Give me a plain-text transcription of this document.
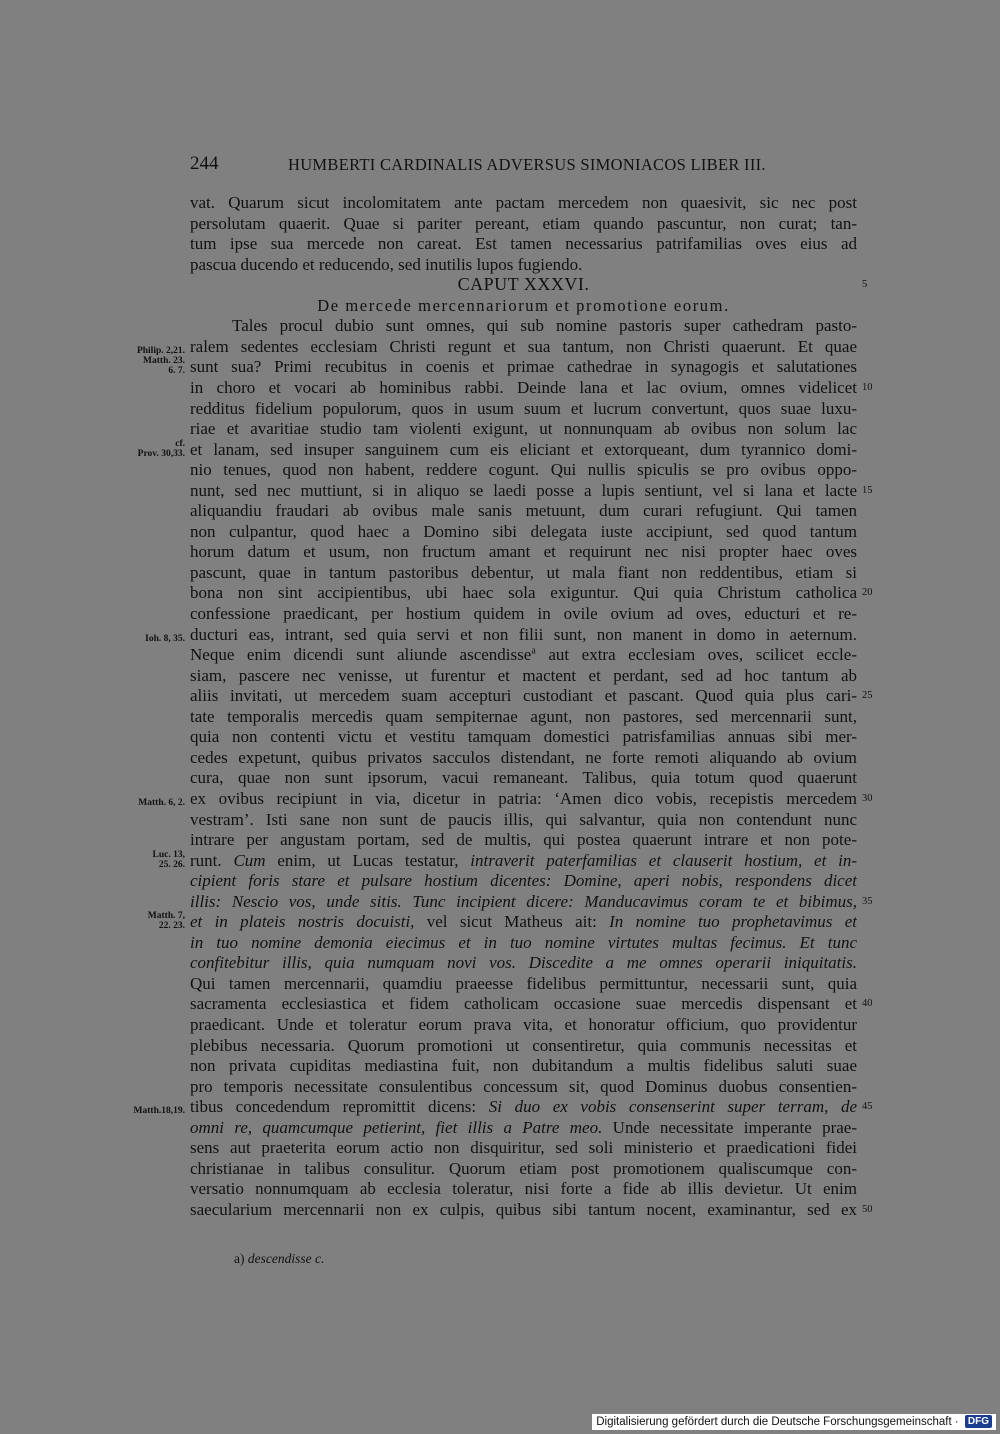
244	HUMBERTI CARDINALIS ADVERSUS SIMONIACOS LIBER III.
vat. Quarum sicut incolomitatem ante pactam mercedem non quaesivit, sic nec post
persolutam quaerit. Quae si pariter pereant, etiam quando pascuntur, non curat; tan-
tum ipse sua mercede non careat. Est tamen necessarius patrifamilias oves eius ad
pascua ducendo et reducendo, sed inutilis lupos fugiendo.
CAPUT XXXVI.	5
De mercede mercennariorum et promotione eorum.
Tales procul dubio sunt omnes, qui sub nomine pastoris super cathedram pasto-
ralem sedentes ecclesiam Christi regunt et sua tantum, non Christi quaerunt. Et quae
Philip. 2,21.
sunt sua? Primi recubitus in coenis et primae cathedrae in synagogis et salutationes
Matth. 23.
6. 7.
in choro et vocari ab hominibus rabbi. Deinde lana et lac ovium, omnes videlicet 10
redditus fidelium populorum, quos in usum suum et lucrum convertunt, quos suae luxu-
riae et avaritiae studio tam violenti exigunt, ut nonnunquam ab ovibus non solum lac
et lanam, sed insuper sanguinem cum eis eliciant et extorqueant, dum tyrannico domi-
cf.
Prov. 30,33.
nio tenues, quod non habent, reddere cogunt. Qui nullis spiculis se pro ovibus oppo-
nunt, sed nec muttiunt, si in aliquo se laedi posse a lupis sentiunt, vel si lana et lacte 15
aliquandiu fraudari ab ovibus male sanis metuunt, dum curari refugiunt. Qui tamen
non culpantur, quod haec a Domino sibi delegata iuste accipiunt, sed quod tantum
horum datum et usum, non fructum amant et requirunt nec nisi propter haec oves
pascunt, quae in tantum pastoribus debentur, ut mala fiant non reddentibus, etiam si
bona non sint accipientibus, ubi haec sola exiguntur. Qui quia Christum catholica 20
confessione praedicant, per hostium quidem in ovile ovium ad oves, educturi et re-
ducturi eas, intrant, sed quia servi et non filii sunt, non manent in domo in aeternum.
Ioh. 8, 35.
Neque enim dicendi sunt aliunde ascendisse$^a$ aut extra ecclesiam oves, scilicet eccle-
siam, pascere nec venisse, ut furentur et mactent et perdant, sed ad hoc tantum ab
aliis invitati, ut mercedem suam accepturi custodiant et pascant. Quod quia plus cari- 25
tate temporalis mercedis quam sempiternae agunt, non pastores, sed mercennarii sunt,
quia non contenti victu et vestitu tamquam domestici patrisfamilias annuas sibi mer-
cedes expetunt, quibus privatos sacculos distendant, ne forte remoti aliquando ab ovium
cura, quae non sunt ipsorum, vacui remaneant. Talibus, quia totum quod quaerunt
ex ovibus recipiunt in via, dicetur in patria: ‘Amen dico vobis, recepistis mercedem 30
Matth. 6, 2.
vestram’. Isti sane non sunt de paucis illis, qui salvantur, quia non contendunt nunc
intrare per angustam portam, sed de multis, qui postea quaerunt intrare et non pote-
runt. Cum enim, ut Lucas testatur, intraverit paterfamilias et clauserit hostium, et in-
Luc. 13,
25. 26.
cipient foris stare et pulsare hostium dicentes: Domine, aperi nobis, respondens dicet
illis: Nescio vos, unde sitis. Tunc incipient dicere: Manducavimus coram te et bibimus, 35
et in plateis nostris docuisti, vel sicut Matheus ait: In nomine tuo prophetavimus et
Matth. 7,
22. 23.
in tuo nomine demonia eiecimus et in tuo nomine virtutes multas fecimus. Et tunc
confitebitur illis, quia numquam novi vos. Discedite a me omnes operarii iniquitatis.
Qui tamen mercennarii, quamdiu praeesse fidelibus permittuntur, necessarii sunt, quia
sacramenta ecclesiastica et fidem catholicam occasione suae mercedis dispensant et 40
praedicant. Unde et toleratur eorum prava vita, et honoratur officium, quo providentur
plebibus necessaria. Quorum promotioni ut consentiretur, quia communis necessitas et
non privata cupiditas mediastina fuit, non dubitandum a multis fidelibus saluti suae
pro temporis necessitate consulentibus concessum sit, quod Dominus duobus consentien-
tibus concedendum repromittit dicens: Si duo ex vobis consenserint super terram, de 45
Matth.18,19.
omni re, quamcumque petierint, fiet illis a Patre meo. Unde necessitate imperante prae-
sens aut praeterita eorum actio non disquiritur, sed soli ministerio et praedicationi fidei
christianae in talibus consulitur. Quorum etiam post promotionem qualiscumque con-
versatio nonnumquam ab ecclesia toleratur, nisi forte a fide ab illis devietur. Ut enim
saecularium mercennarii non ex culpis, quibus sibi tantum nocent, examinantur, sed ex 50
a) descendisse c.
Digitalisierung gefördert durch die Deutsche Forschungsgemeinschaft · DFG
